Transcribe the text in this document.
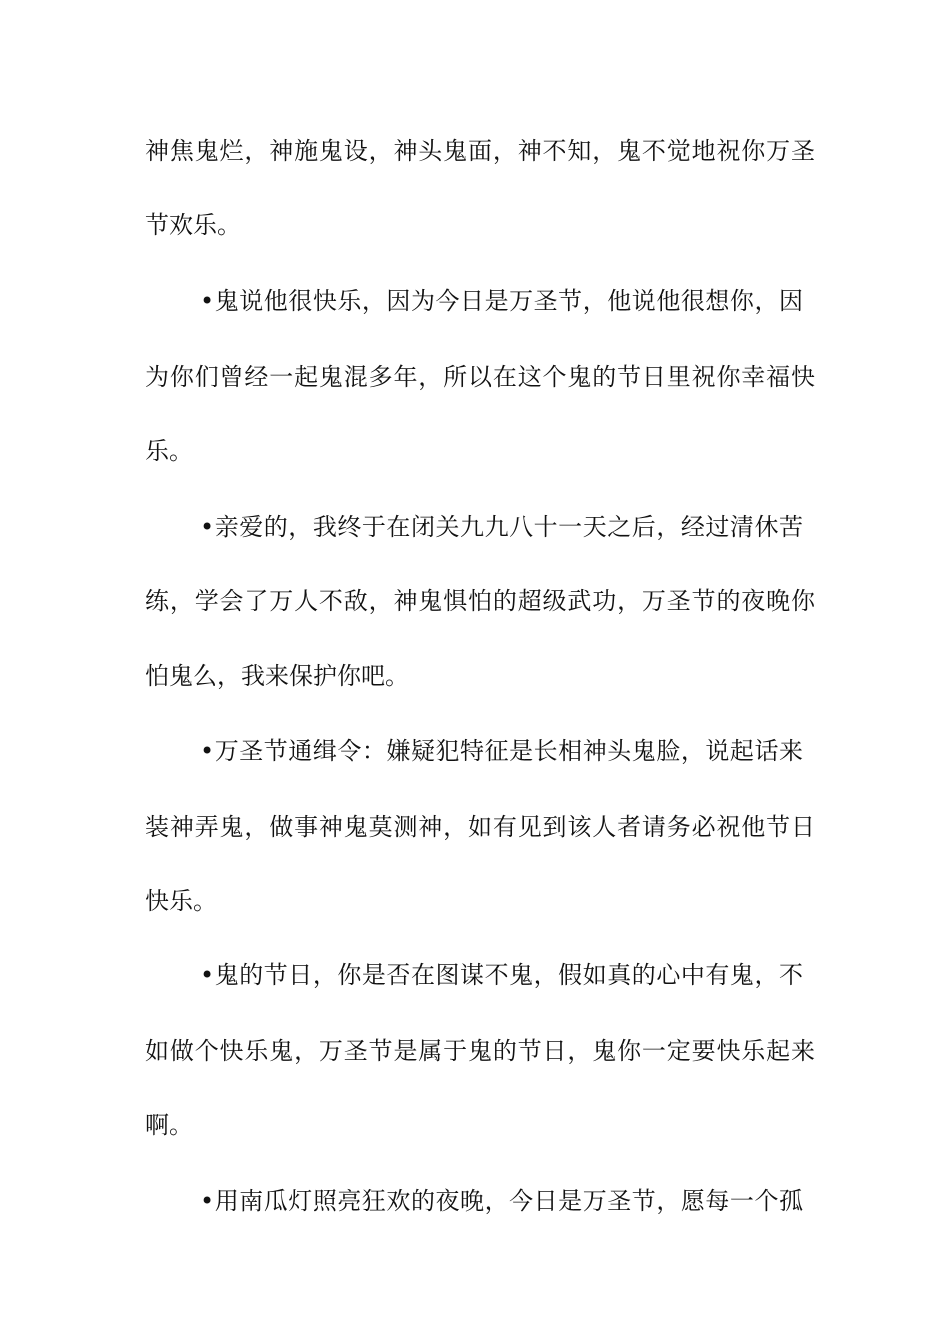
神焦鬼烂，神施鬼设，神头鬼面，神不知，鬼不觉地祝你万圣
节欢乐。
•鬼说他很快乐，因为今日是万圣节，他说他很想你，因
为你们曾经一起鬼混多年，所以在这个鬼的节日里祝你幸福快
乐。
•亲爱的，我终于在闭关九九八十一天之后，经过清休苦
练，学会了万人不敌，神鬼惧怕的超级武功，万圣节的夜晚你
怕鬼么，我来保护你吧。
•万圣节通缉令：嫌疑犯特征是长相神头鬼脸，说起话来
装神弄鬼，做事神鬼莫测神，如有见到该人者请务必祝他节日
快乐。
•鬼的节日，你是否在图谋不鬼，假如真的心中有鬼，不
如做个快乐鬼，万圣节是属于鬼的节日，鬼你一定要快乐起来
啊。
•用南瓜灯照亮狂欢的夜晚，今日是万圣节，愿每一个孤
